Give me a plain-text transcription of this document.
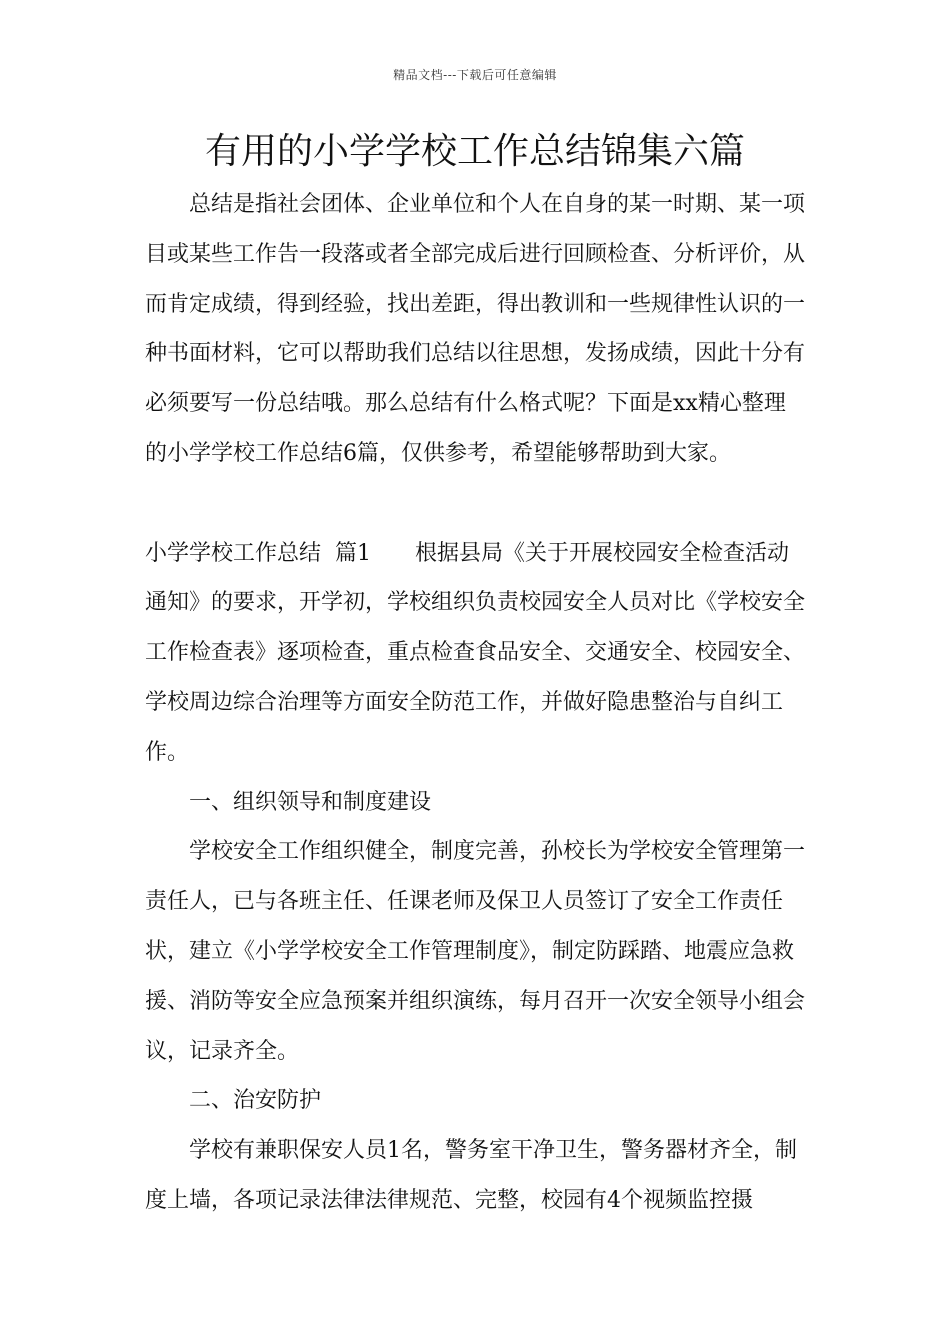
精品文档---下载后可任意编辑
有用的小学学校工作总结锦集六篇

总结是指社会团体、企业单位和个人在自身的某一时期、某一项目或某些工作告一段落或者全部完成后进行回顾检查、分析评价，从而肯定成绩，得到经验，找出差距，得出教训和一些规律性认识的一种书面材料，它可以帮助我们总结以往思想，发扬成绩，因此十分有必须要写一份总结哦。那么总结有什么格式呢？下面是xx精心整理的小学学校工作总结6篇，仅供参考，希望能够帮助到大家。

小学学校工作总结  篇1 根据县局《关于开展校园安全检查活动通知》的要求，开学初，学校组织负责校园安全人员对比《学校安全工作检查表》逐项检查，重点检查食品安全、交通安全、校园安全、学校周边综合治理等方面安全防范工作，并做好隐患整治与自纠工作。

一、组织领导和制度建设

学校安全工作组织健全，制度完善，孙校长为学校安全管理第一责任人，已与各班主任、任课老师及保卫人员签订了安全工作责任状，建立《小学学校安全工作管理制度》，制定防踩踏、地震应急救援、消防等安全应急预案并组织演练，每月召开一次安全领导小组会议，记录齐全。

二、治安防护

学校有兼职保安人员1名，警务室干净卫生，警务器材齐全，制度上墙，各项记录法律法律规范、完整，校园有4个视频监控摄
